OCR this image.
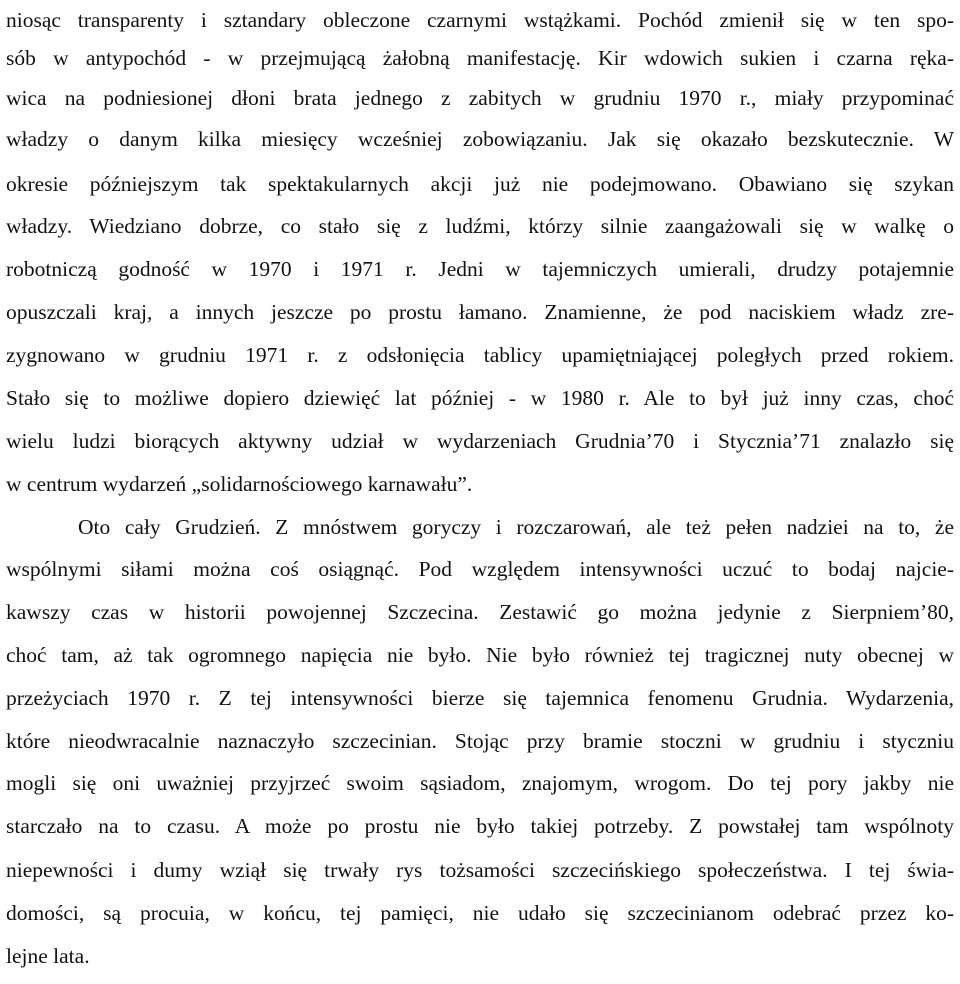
niosąc transparenty i sztandary obleczone czarnymi wstążkami. Pochód zmienił się w ten spo-
sób w antypochód - w przejmującą żałobną manifestację. Kir wdowich sukien i czarna ręka-
wica na podniesionej dłoni brata jednego z zabitych w grudniu 1970 r., miały przypominać
władzy o danym kilka miesięcy wcześniej zobowiązaniu. Jak się okazało bezskutecznie. W
okresie późniejszym tak spektakularnych akcji już nie podejmowano. Obawiano się szykan
władzy. Wiedziano dobrze, co stało się z ludźmi, którzy silnie zaangażowali się w walkę o
robotniczą godność w 1970 i 1971 r. Jedni w tajemniczych umierali, drudzy potajemnie
opuszczali kraj, a innych jeszcze po prostu łamano. Znamienne, że pod naciskiem władz zre-
zygnowano w grudniu 1971 r. z odsłonięcia tablicy upamiętniającej poległych przed rokiem.
Stało się to możliwe dopiero dziewięć lat później - w 1980 r. Ale to był już inny czas, choć
wielu ludzi biorących aktywny udział w wydarzeniach Grudnia’70 i Stycznia’71 znalazło się
w centrum wydarzeń „solidarnościowego karnawału”.
Oto cały Grudzień. Z mnóstwem goryczy i rozczarowań, ale też pełen nadziei na to, że
wspólnymi siłami można coś osiągnąć. Pod względem intensywności uczuć to bodaj najcie-
kawszy czas w historii powojennej Szczecina. Zestawić go można jedynie z Sierpniem’80,
choć tam, aż tak ogromnego napięcia nie było. Nie było również tej tragicznej nuty obecnej w
przeżyciach 1970 r. Z tej intensywności bierze się tajemnica fenomenu Grudnia. Wydarzenia,
które nieodwracalnie naznaczyło szczecinian. Stojąc przy bramie stoczni w grudniu i styczniu
mogli się oni uważniej przyjrzeć swoim sąsiadom, znajomym, wrogom. Do tej pory jakby nie
starczało na to czasu. A może po prostu nie było takiej potrzeby. Z powstałej tam wspólnoty
niepewności i dumy wziął się trwały rys tożsamości szczecińskiego społeczeństwa. I tej świa-
domości, są procuia, w końcu, tej pamięci, nie udało się szczecinianom odebrać przez ko-
lejne lata.
